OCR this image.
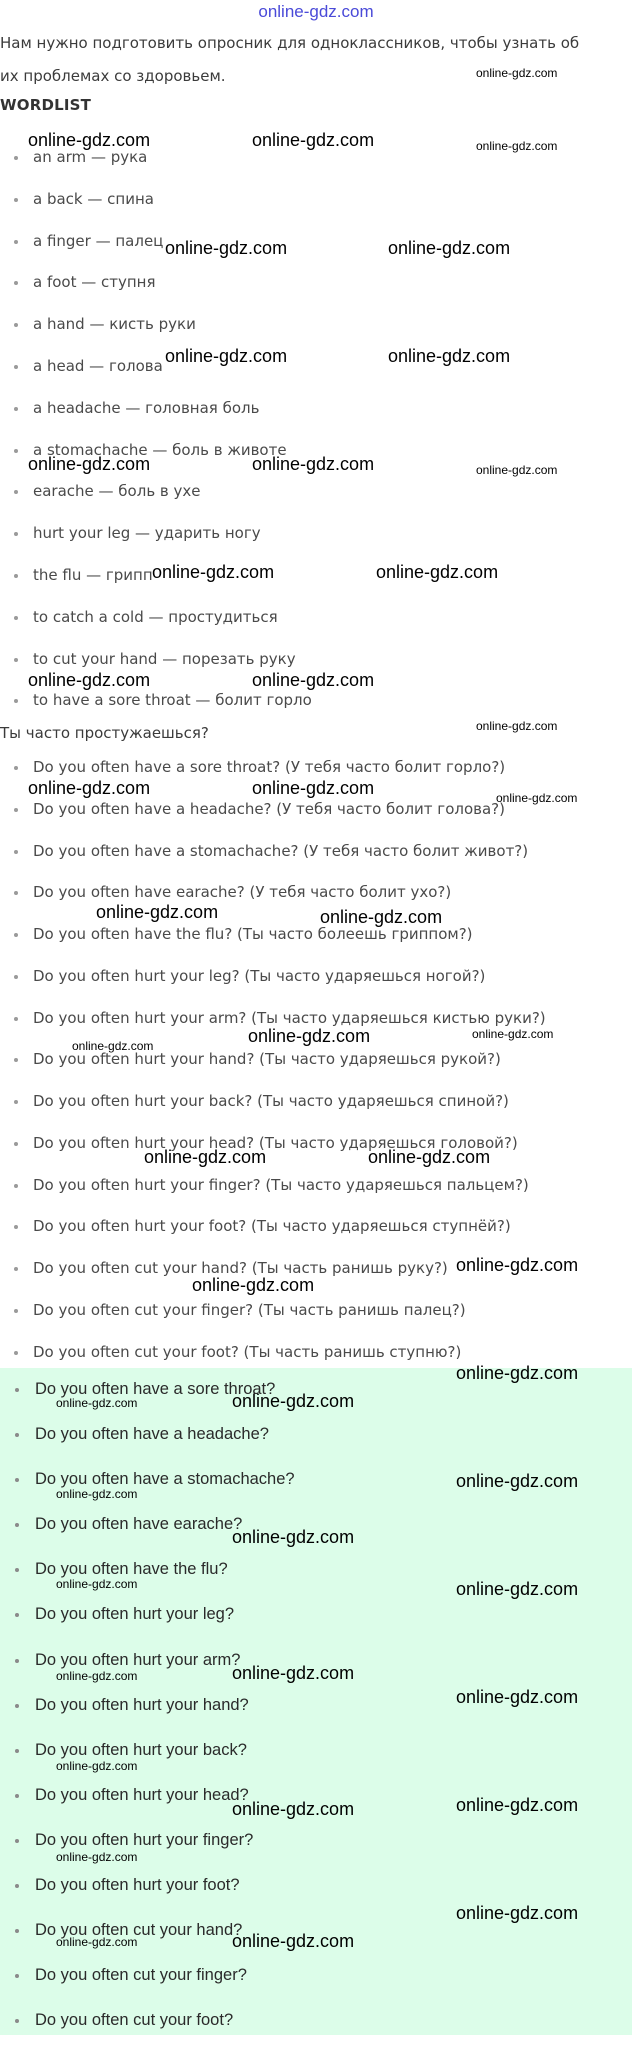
online-gdz.com
Нам нужно подготовить опросник для одноклассников, чтобы узнать об их проблемах со здоровьем.
WORDLIST
an arm — рука
a back — спина
a finger — палец
a foot — ступня
a hand — кисть руки
a head — голова
a headache — головная боль
a stomachache — боль в животе
earache — боль в ухе
hurt your leg — ударить ногу
the flu — грипп
to catch a cold — простудиться
to cut your hand — порезать руку
to have a sore throat — болит горло
Ты часто простужаешься?
Do you often have a sore throat? (У тебя часто болит горло?)
Do you often have a headache? (У тебя часто болит голова?)
Do you often have a stomachache? (У тебя часто болит живот?)
Do you often have earache? (У тебя часто болит ухо?)
Do you often have the flu? (Ты часто болеешь гриппом?)
Do you often hurt your leg? (Ты часто ударяешься ногой?)
Do you often hurt your arm? (Ты часто ударяешься кистью руки?)
Do you often hurt your hand? (Ты часто ударяешься рукой?)
Do you often hurt your back? (Ты часто ударяешься спиной?)
Do you often hurt your head? (Ты часто ударяешься головой?)
Do you often hurt your finger? (Ты часто ударяешься пальцем?)
Do you often hurt your foot? (Ты часто ударяешься ступнёй?)
Do you often cut your hand? (Ты часть ранишь руку?)
Do you often cut your finger? (Ты часть ранишь палец?)
Do you often cut your foot? (Ты часть ранишь ступню?)
Do you often have a sore throat?
Do you often have a headache?
Do you often have a stomachache?
Do you often have earache?
Do you often have the flu?
Do you often hurt your leg?
Do you often hurt your arm?
Do you often hurt your hand?
Do you often hurt your back?
Do you often hurt your head?
Do you often hurt your finger?
Do you often hurt your foot?
Do you often cut your hand?
Do you often cut your finger?
Do you often cut your foot?
online-gdz.com
online-gdz.com
online-gdz.com	online-gdz.com
online-gdz.com	online-gdz.com
online-gdz.com	online-gdz.com
online-gdz.com	online-gdz.com	online-gdz.com
online-gdz.com	online-gdz.com
online-gdz.com	online-gdz.com
online-gdz.com
online-gdz.com	online-gdz.com	online-gdz.com
online-gdz.com	online-gdz.com
online-gdz.com	online-gdz.com
online-gdz.com
online-gdz.com	online-gdz.com
online-gdz.com
online-gdz.com
online-gdz.com
online-gdz.com
online-gdz.com
online-gdz.com
online-gdz.com
online-gdz.com
online-gdz.com
online-gdz.com
online-gdz.com
online-gdz.com
online-gdz.com
online-gdz.com
online-gdz.com
online-gdz.com
online-gdz.com
online-gdz.com
online-gdz.com	online-gdz.com
